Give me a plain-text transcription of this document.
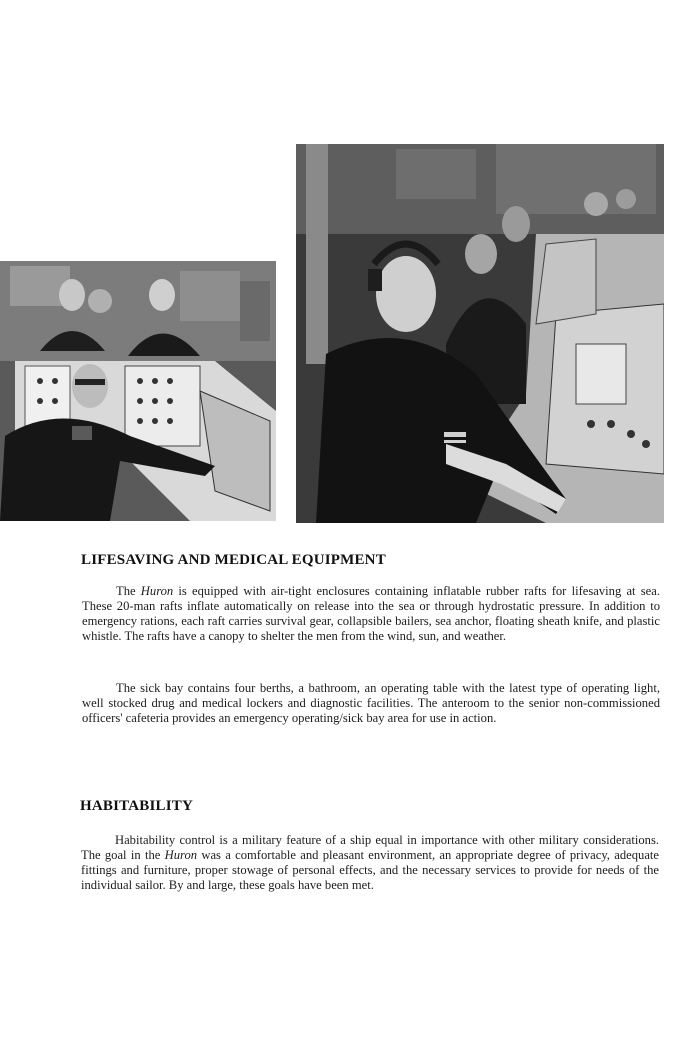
LIFESAVING AND MEDICAL EQUIPMENT

The Huron is equipped with air-tight enclosures containing inflatable rubber rafts for lifesaving at sea. These 20-man rafts inflate automatically on release into the sea or through hydrostatic pressure. In addition to emergency rations, each raft carries survival gear, collapsible bailers, sea anchor, floating sheath knife, and plastic whistle. The rafts have a canopy to shelter the men from the wind, sun, and weather.

The sick bay contains four berths, a bathroom, an operating table with the latest type of operating light, well stocked drug and medical lockers and diagnostic facilities. The anteroom to the senior non-commissioned officers' cafeteria provides an emergency operating/sick bay area for use in action.

HABITABILITY

Habitability control is a military feature of a ship equal in importance with other military considerations. The goal in the Huron was a comfortable and pleasant environment, an appropriate degree of privacy, adequate fittings and furniture, proper stowage of personal effects, and the necessary services to provide for needs of the individual sailor. By and large, these goals have been met.
